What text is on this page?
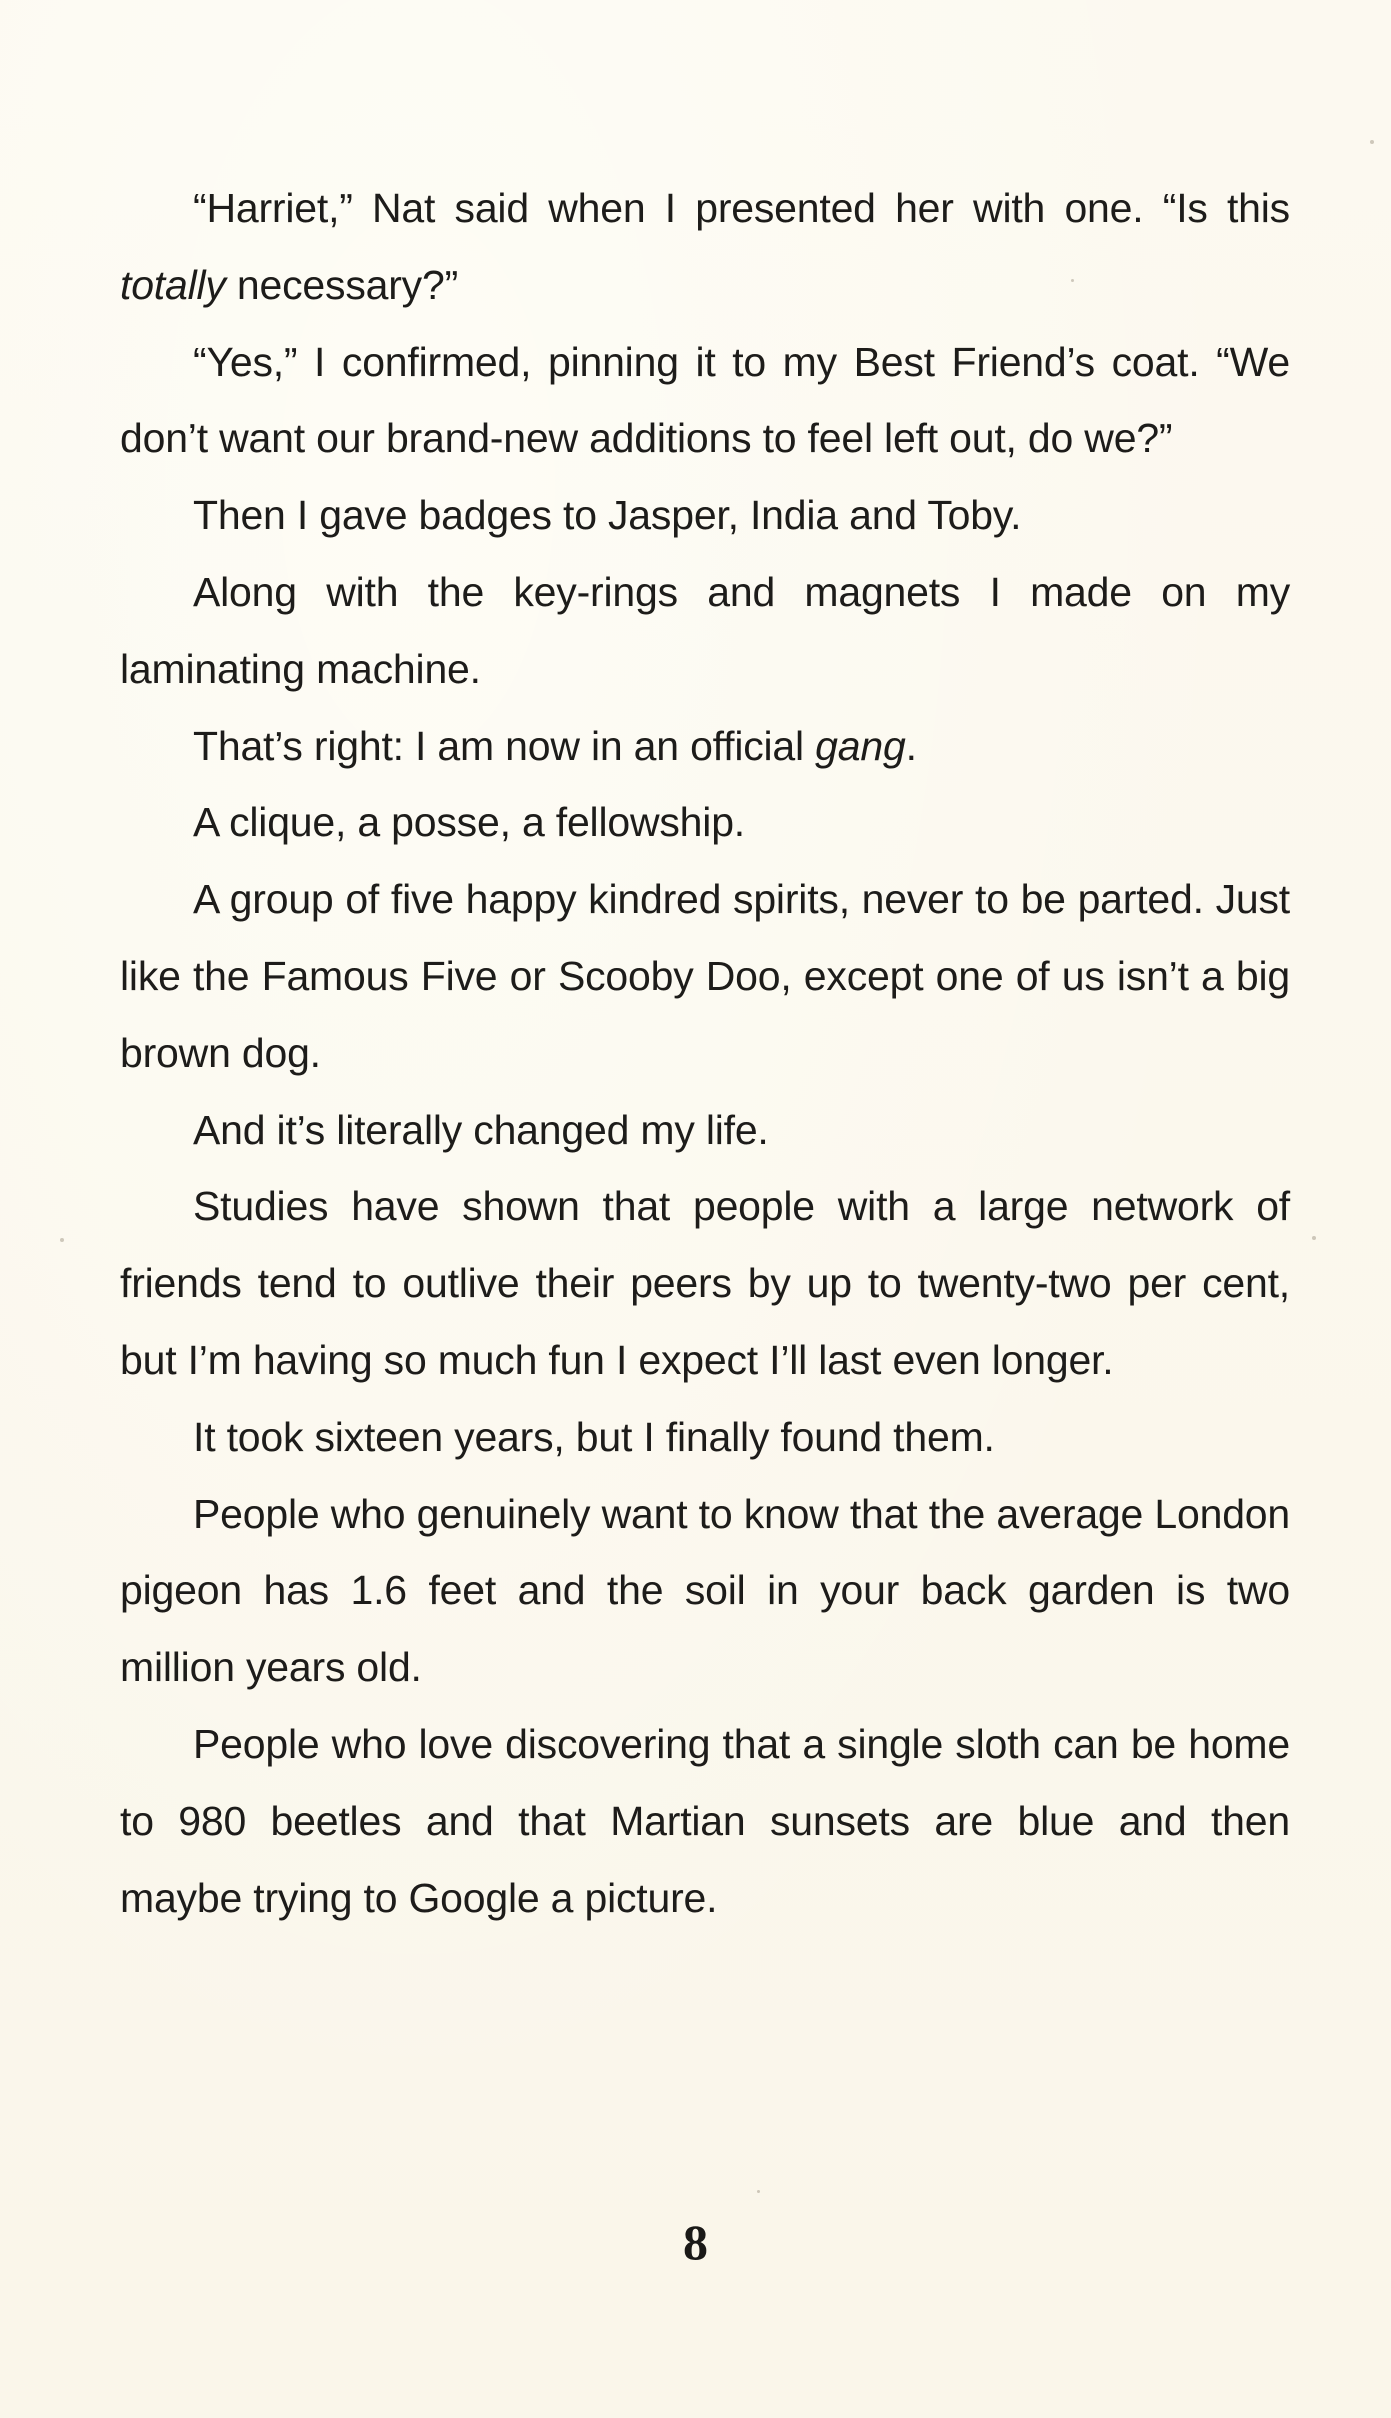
“Harriet,” Nat said when I presented her with one. “Is this totally necessary?”

“Yes,” I confirmed, pinning it to my Best Friend’s coat. “We don’t want our brand-new additions to feel left out, do we?”

Then I gave badges to Jasper, India and Toby.

Along with the key-rings and magnets I made on my laminating machine.

That’s right: I am now in an official gang.

A clique, a posse, a fellowship.

A group of five happy kindred spirits, never to be parted. Just like the Famous Five or Scooby Doo, except one of us isn’t a big brown dog.

And it’s literally changed my life.

Studies have shown that people with a large network of friends tend to outlive their peers by up to twenty-two per cent, but I’m having so much fun I expect I’ll last even longer.

It took sixteen years, but I finally found them.

People who genuinely want to know that the average London pigeon has 1.6 feet and the soil in your back garden is two million years old.

People who love discovering that a single sloth can be home to 980 beetles and that Martian sunsets are blue and then maybe trying to Google a picture.

8
